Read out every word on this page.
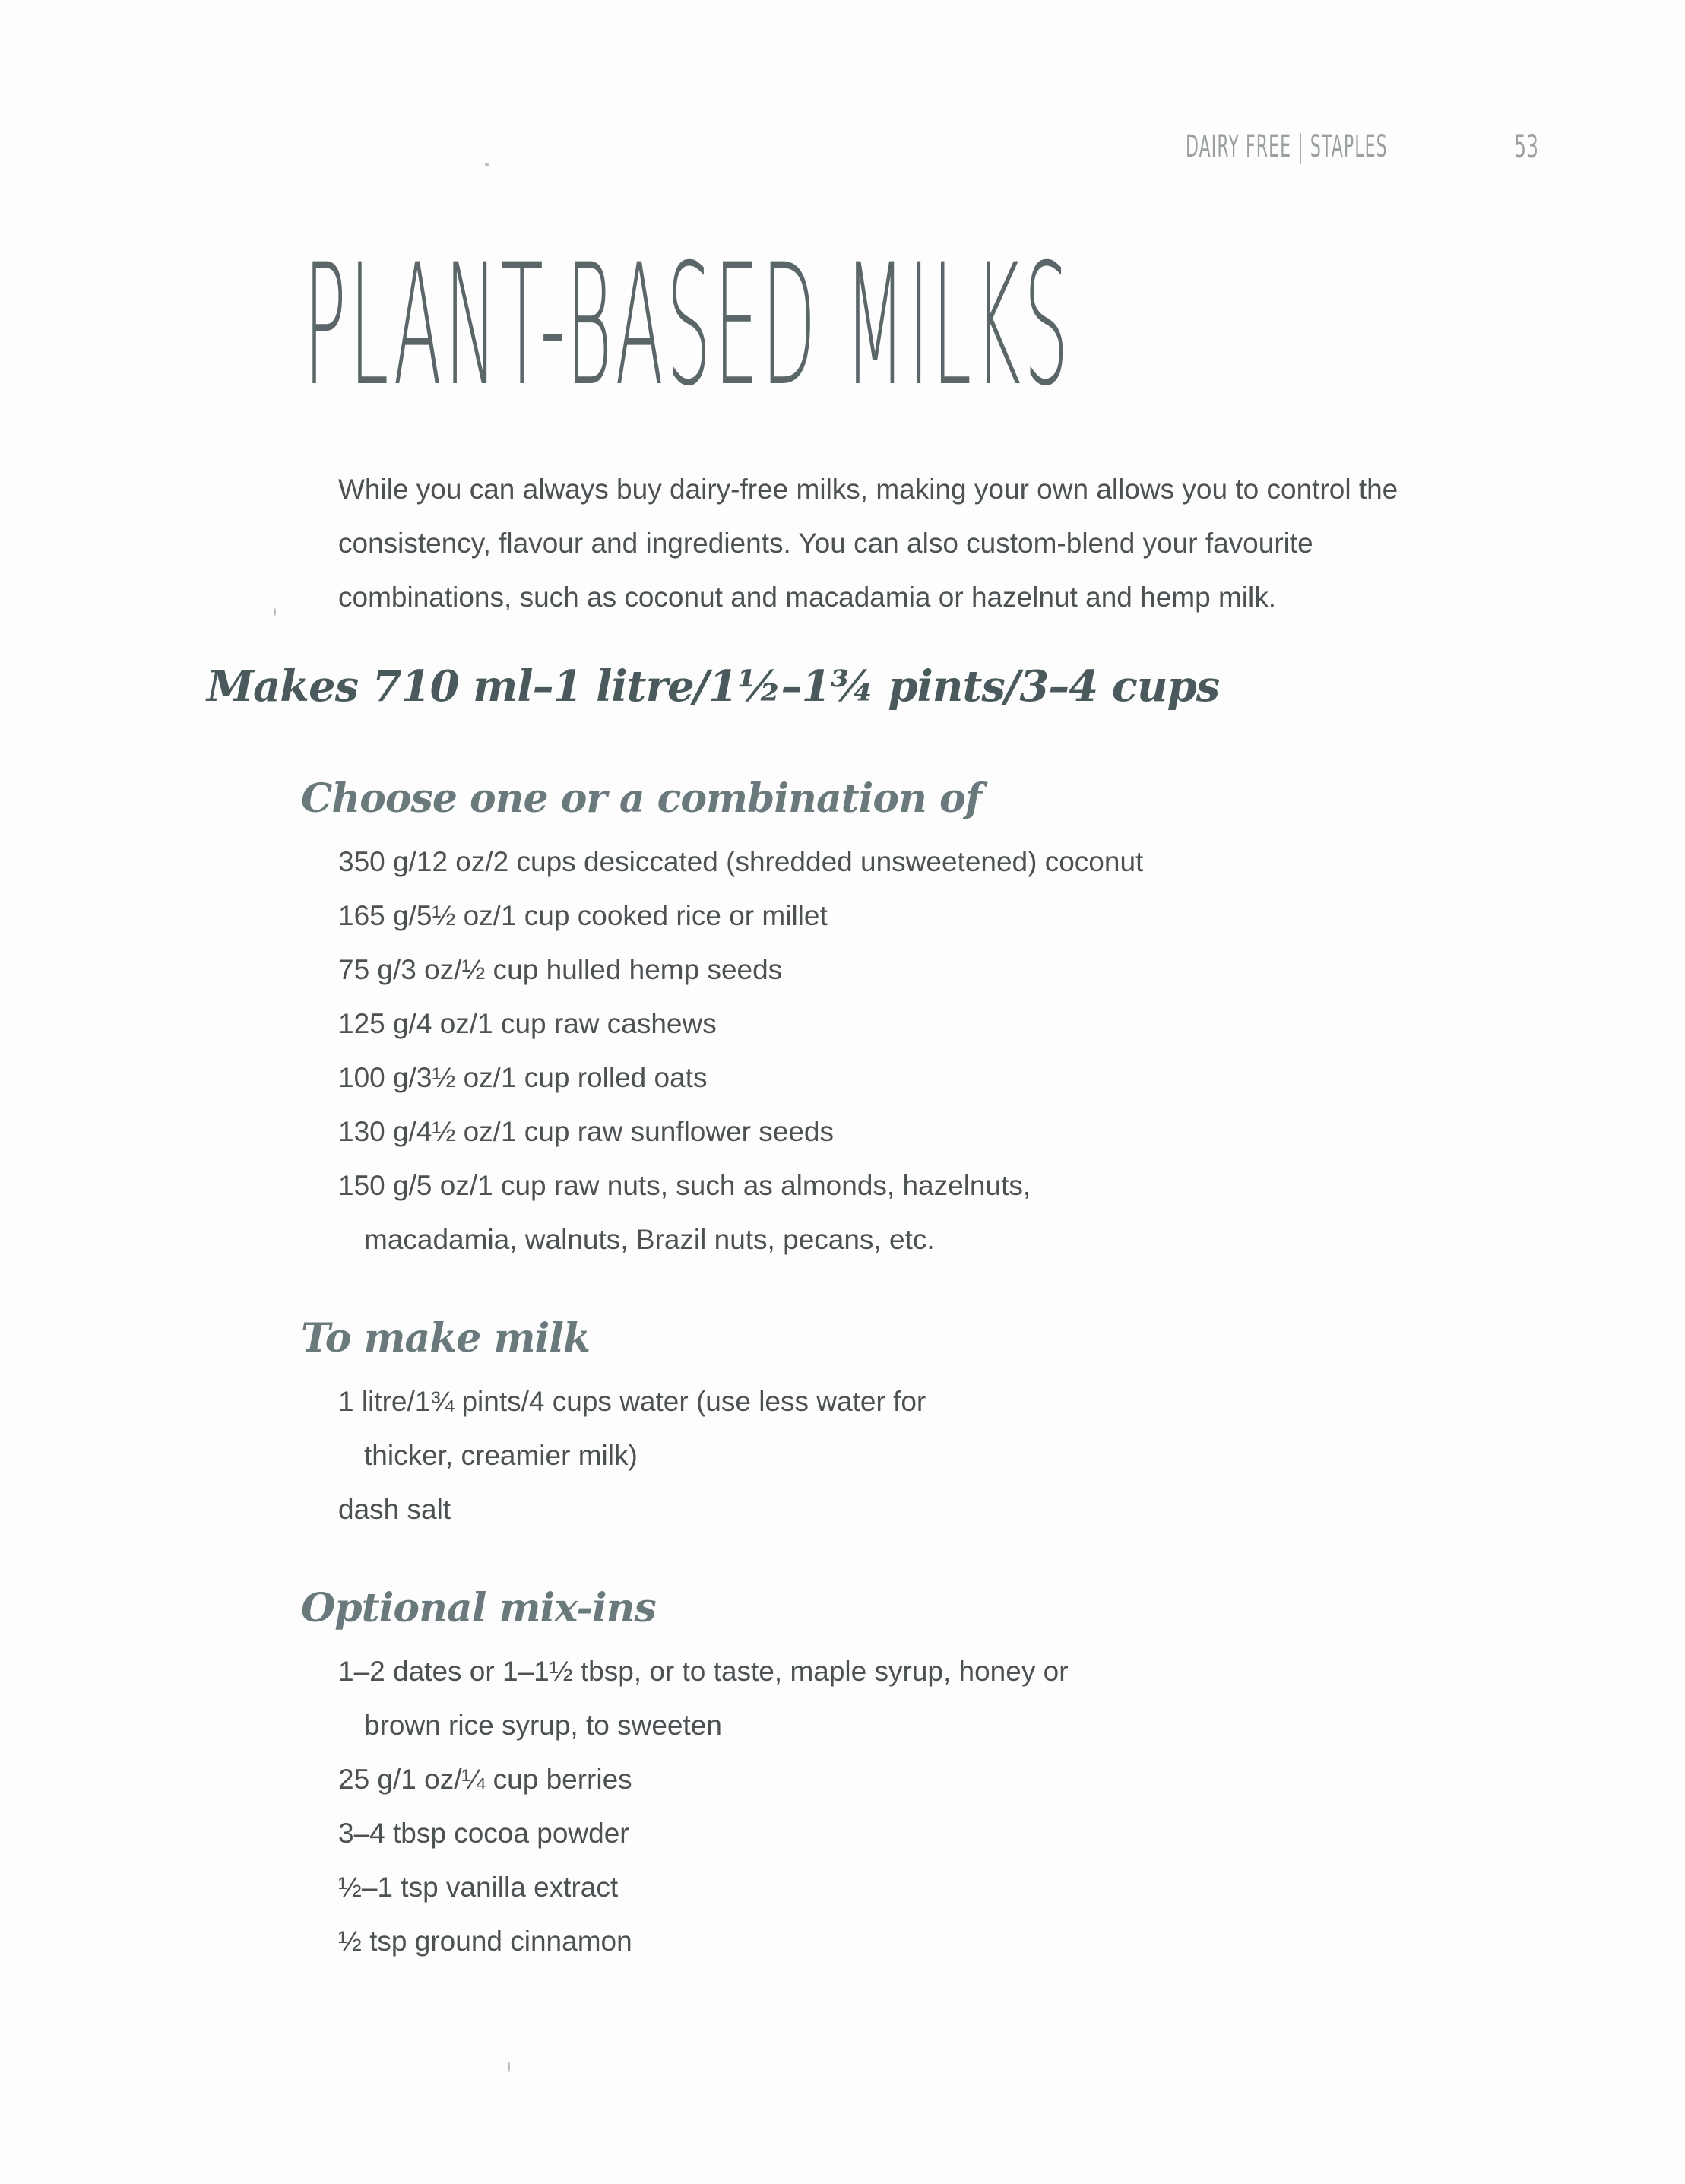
DAIRY FREE | STAPLES	53
PLANT-BASED MILKS

While you can always buy dairy-free milks, making your own allows you to control the consistency, flavour and ingredients. You can also custom-blend your favourite combinations, such as coconut and macadamia or hazelnut and hemp milk.

Makes 710 ml–1 litre/1½–1¾ pints/3–4 cups
Choose one or a combination of
350 g/12 oz/2 cups desiccated (shredded unsweetened) coconut
165 g/5½ oz/1 cup cooked rice or millet
75 g/3 oz/½ cup hulled hemp seeds
125 g/4 oz/1 cup raw cashews
100 g/3½ oz/1 cup rolled oats
130 g/4½ oz/1 cup raw sunflower seeds
150 g/5 oz/1 cup raw nuts, such as almonds, hazelnuts,
macadamia, walnuts, Brazil nuts, pecans, etc.
To make milk
1 litre/1¾ pints/4 cups water (use less water for
thicker, creamier milk)
dash salt
Optional mix-ins
1–2 dates or 1–1½ tbsp, or to taste, maple syrup, honey or
brown rice syrup, to sweeten
25 g/1 oz/¼ cup berries
3–4 tbsp cocoa powder
½–1 tsp vanilla extract
½ tsp ground cinnamon
